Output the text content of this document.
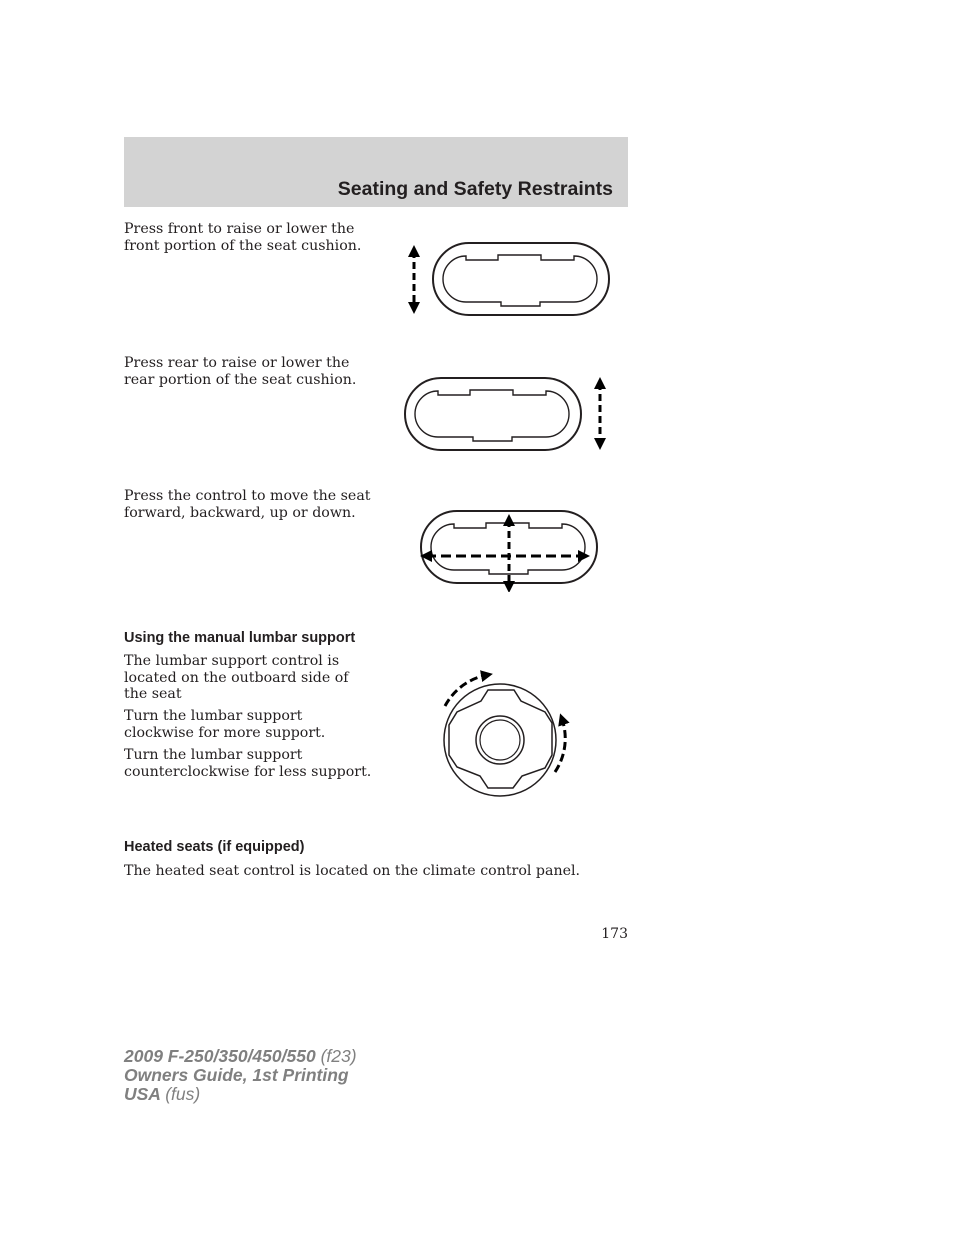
Seating and Safety Restraints

Press front to raise or lower the front portion of the seat cushion.

Press rear to raise or lower the rear portion of the seat cushion.

Press the control to move the seat forward, backward, up or down.

Using the manual lumbar support

The lumbar support control is located on the outboard side of the seat

Turn the lumbar support clockwise for more support.

Turn the lumbar support counterclockwise for less support.

Heated seats (if equipped)

The heated seat control is located on the climate control panel.

173
2009 F-250/350/450/550 (f23)
Owners Guide, 1st Printing
USA (fus)
